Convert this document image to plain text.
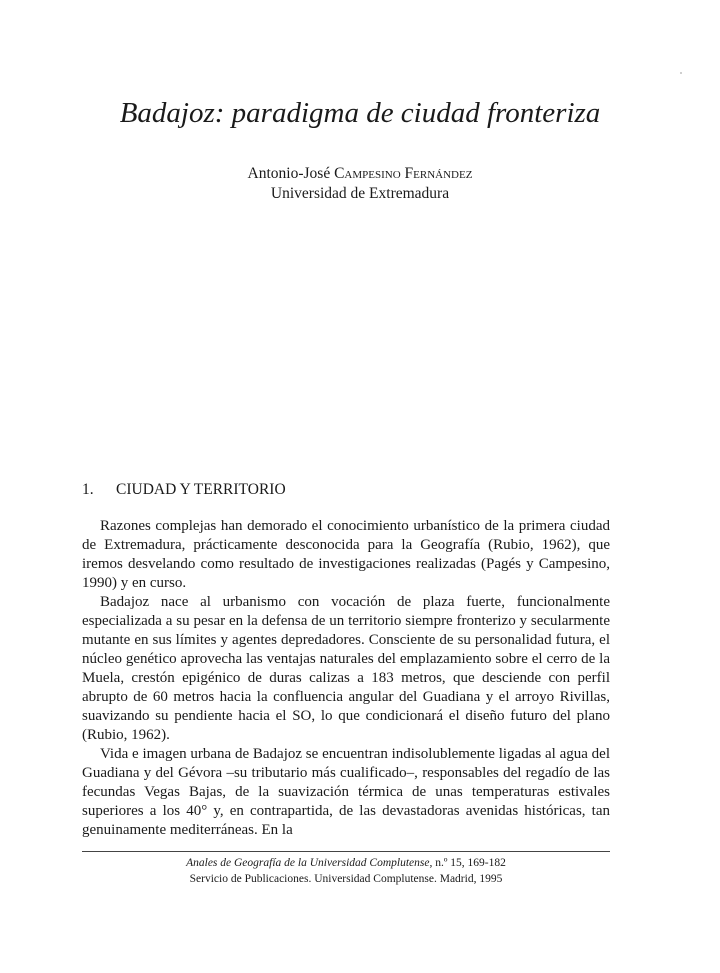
Badajoz: paradigma de ciudad fronteriza
Antonio-José Campesino Fernández
Universidad de Extremadura
1. CIUDAD Y TERRITORIO

Razones complejas han demorado el conocimiento urbanístico de la primera ciudad de Extremadura, prácticamente desconocida para la Geografía (Rubio, 1962), que iremos desvelando como resultado de investigaciones realizadas (Pagés y Campesino, 1990) y en curso.

Badajoz nace al urbanismo con vocación de plaza fuerte, funcionalmente especializada a su pesar en la defensa de un territorio siempre fronterizo y secularmente mutante en sus límites y agentes depredadores. Consciente de su personalidad futura, el núcleo genético aprovecha las ventajas naturales del emplazamiento sobre el cerro de la Muela, crestón epigénico de duras calizas a 183 metros, que desciende con perfil abrupto de 60 metros hacia la confluencia angular del Guadiana y el arroyo Rivillas, suavizando su pendiente hacia el SO, lo que condicionará el diseño futuro del plano (Rubio, 1962).

Vida e imagen urbana de Badajoz se encuentran indisolublemente ligadas al agua del Guadiana y del Gévora –su tributario más cualificado–, responsables del regadío de las fecundas Vegas Bajas, de la suavización térmica de unas temperaturas estivales superiores a los 40° y, en contrapartida, de las devastadoras avenidas históricas, tan genuinamente mediterráneas. En la

Anales de Geografía de la Universidad Complutense, n.º 15, 169-182
Servicio de Publicaciones. Universidad Complutense. Madrid, 1995
